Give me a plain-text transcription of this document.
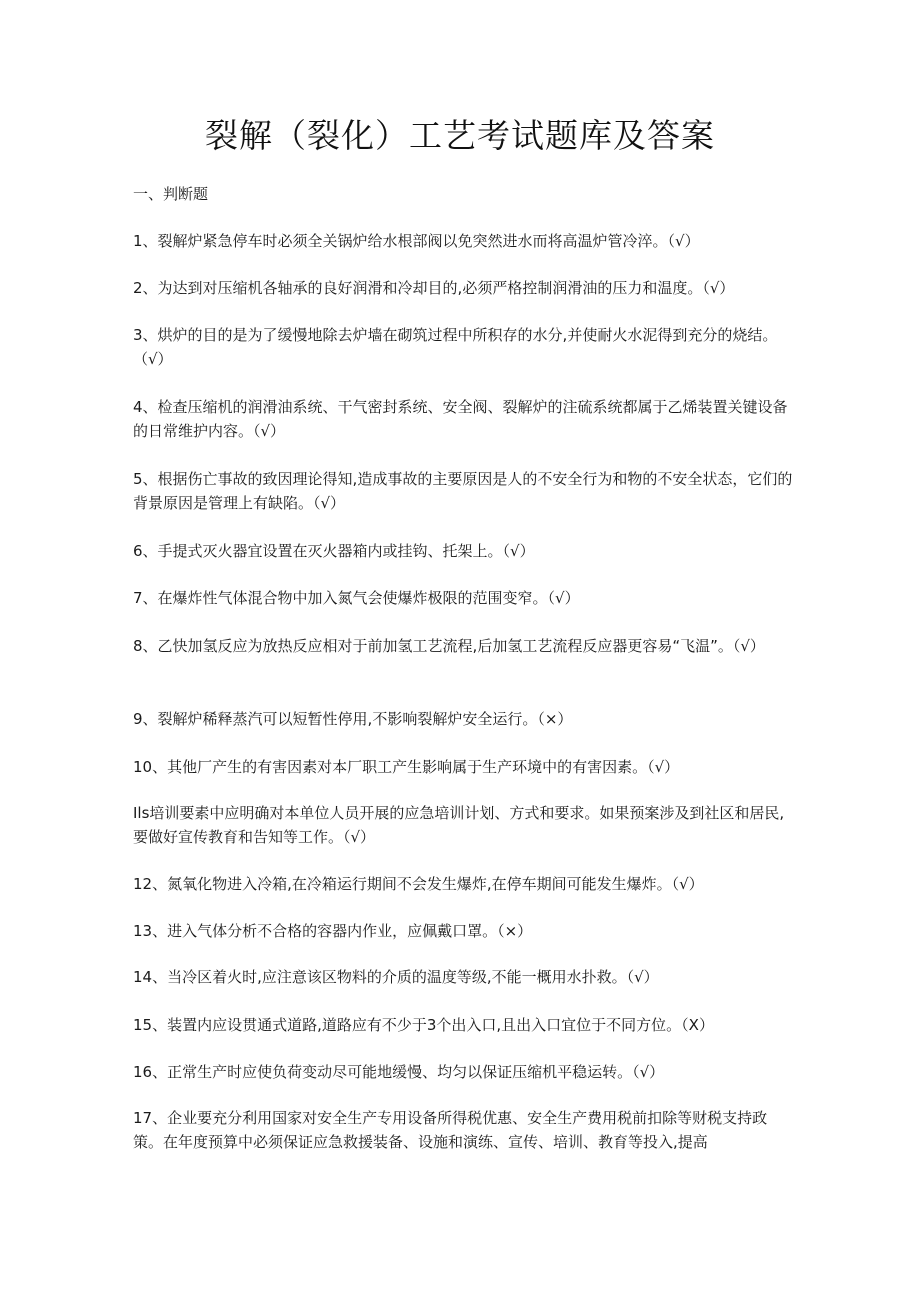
裂解（裂化）工艺考试题库及答案
一、判断题
1、裂解炉紧急停车时必须全关锅炉给水根部阀以免突然进水而将高温炉管冷淬。（√）
2、为达到对压缩机各轴承的良好润滑和冷却目的,必须严格控制润滑油的压力和温度。（√）
3、烘炉的目的是为了缓慢地除去炉墙在砌筑过程中所积存的水分,并使耐火水泥得到充分的烧结。（√）
4、检查压缩机的润滑油系统、干气密封系统、安全阀、裂解炉的注硫系统都属于乙烯装置关键设备的日常维护内容。（√）
5、根据伤亡事故的致因理论得知,造成事故的主要原因是人的不安全行为和物的不安全状态，它们的背景原因是管理上有缺陷。（√）
6、手提式灭火器宜设置在灭火器箱内或挂钩、托架上。（√）
7、在爆炸性气体混合物中加入氮气会使爆炸极限的范围变窄。（√）
8、乙快加氢反应为放热反应相对于前加氢工艺流程,后加氢工艺流程反应器更容易“飞温”。（√）
9、裂解炉稀释蒸汽可以短暂性停用,不影响裂解炉安全运行。（×）
10、其他厂产生的有害因素对本厂职工产生影响属于生产环境中的有害因素。（√）
Ils培训要素中应明确对本单位人员开展的应急培训计划、方式和要求。如果预案涉及到社区和居民,要做好宣传教育和告知等工作。（√）
12、氮氧化物进入冷箱,在冷箱运行期间不会发生爆炸,在停车期间可能发生爆炸。（√）
13、进入气体分析不合格的容器内作业，应佩戴口罩。（×）
14、当冷区着火时,应注意该区物料的介质的温度等级,不能一概用水扑救。（√）
15、装置内应设贯通式道路,道路应有不少于3个出入口,且出入口宜位于不同方位。（X）
16、正常生产时应使负荷变动尽可能地缓慢、均匀以保证压缩机平稳运转。（√）
17、企业要充分利用国家对安全生产专用设备所得税优惠、安全生产费用税前扣除等财税支持政策。在年度预算中必须保证应急救援装备、设施和演练、宣传、培训、教育等投入,提高
